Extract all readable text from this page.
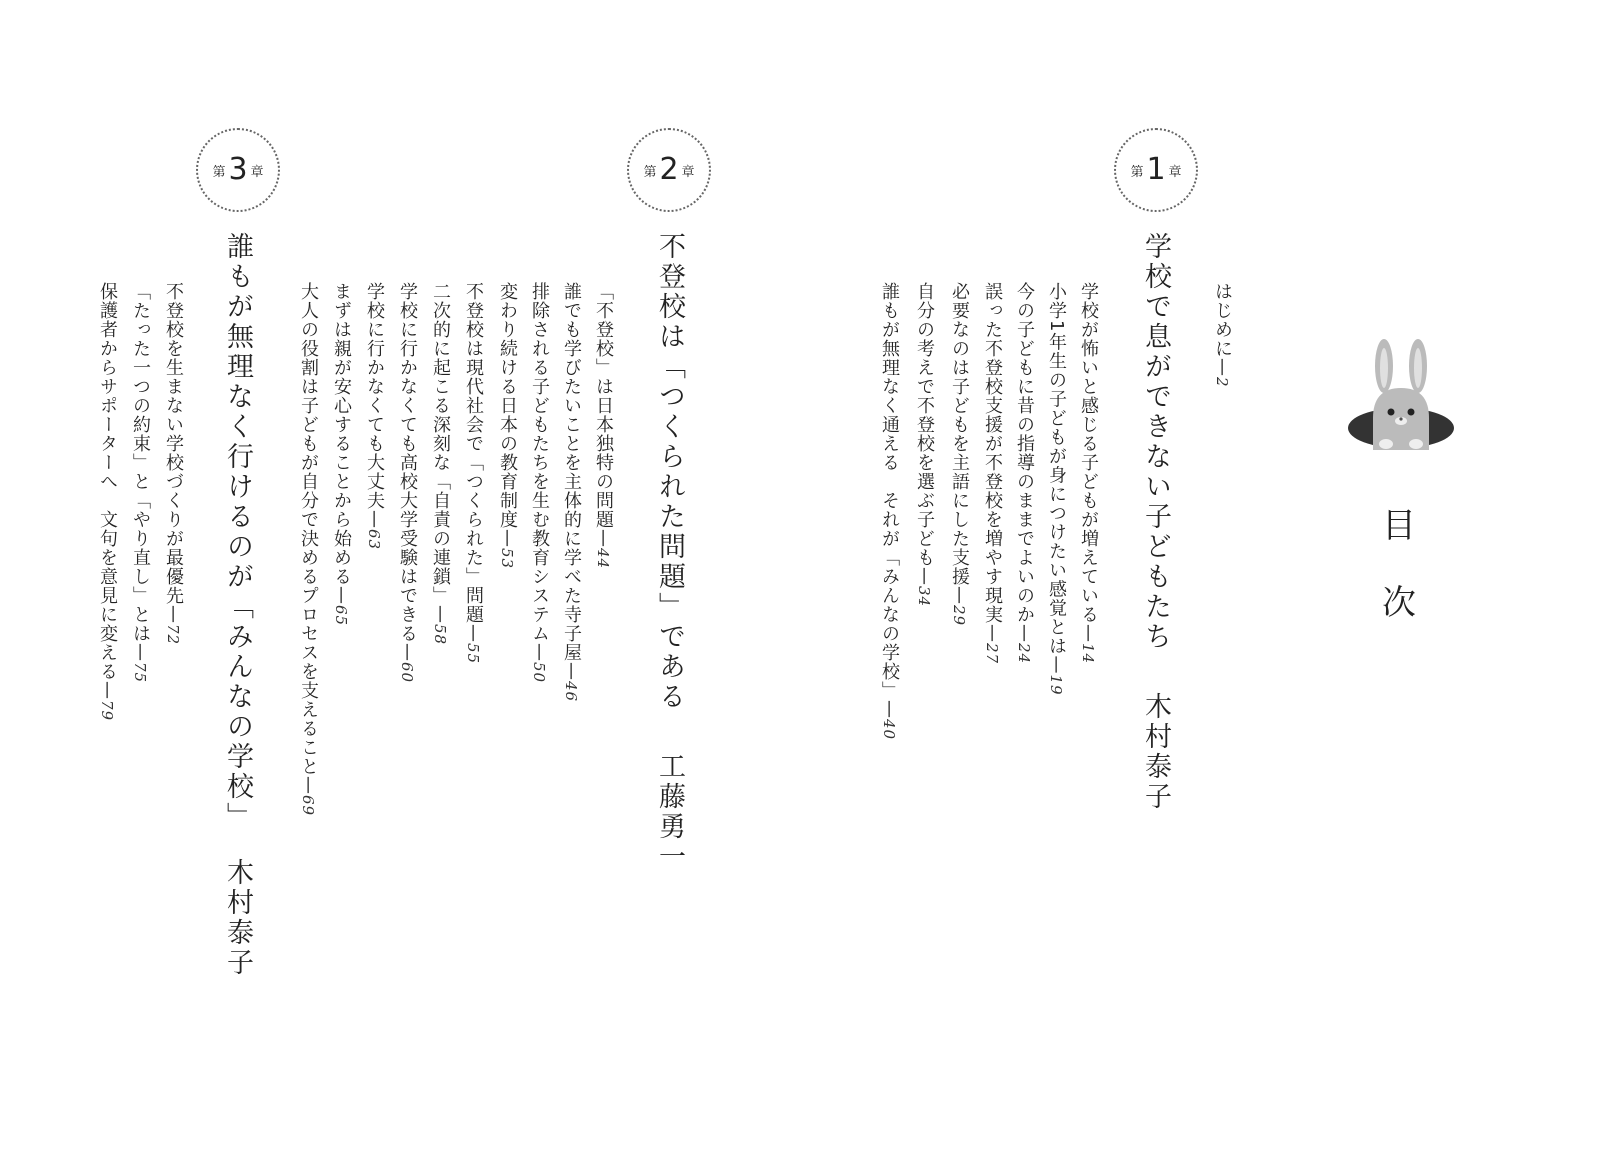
目
次
はじめに—2
第 1 章
学校で息ができない子どもたち木村泰子
学校が怖いと感じる子どもが増えている—14
小学1年生の子どもが身につけたい感覚とは—19
今の子どもに昔の指導のままでよいのか—24
誤った不登校支援が不登校を増やす現実—27
必要なのは子どもを主語にした支援—29
自分の考えで不登校を選ぶ子ども—34
誰もが無理なく通える　それが「みんなの学校」—40
第 2 章
不登校は「つくられた問題」である工藤勇一
「不登校」は日本独特の問題—44
誰でも学びたいことを主体的に学べた寺子屋—46
排除される子どもたちを生む教育システム—50
変わり続ける日本の教育制度—53
不登校は現代社会で「つくられた」問題—55
二次的に起こる深刻な「自責の連鎖」—58
学校に行かなくても高校大学受験はできる—60
学校に行かなくても大丈夫—63
まずは親が安心することから始める—65
大人の役割は子どもが自分で決めるプロセスを支えること—69
第 3 章
誰もが無理なく行けるのが「みんなの学校」木村泰子
不登校を生まない学校づくりが最優先—72
「たった一つの約束」と「やり直し」とは—75
保護者からサポーターへ　文句を意見に変える—79
